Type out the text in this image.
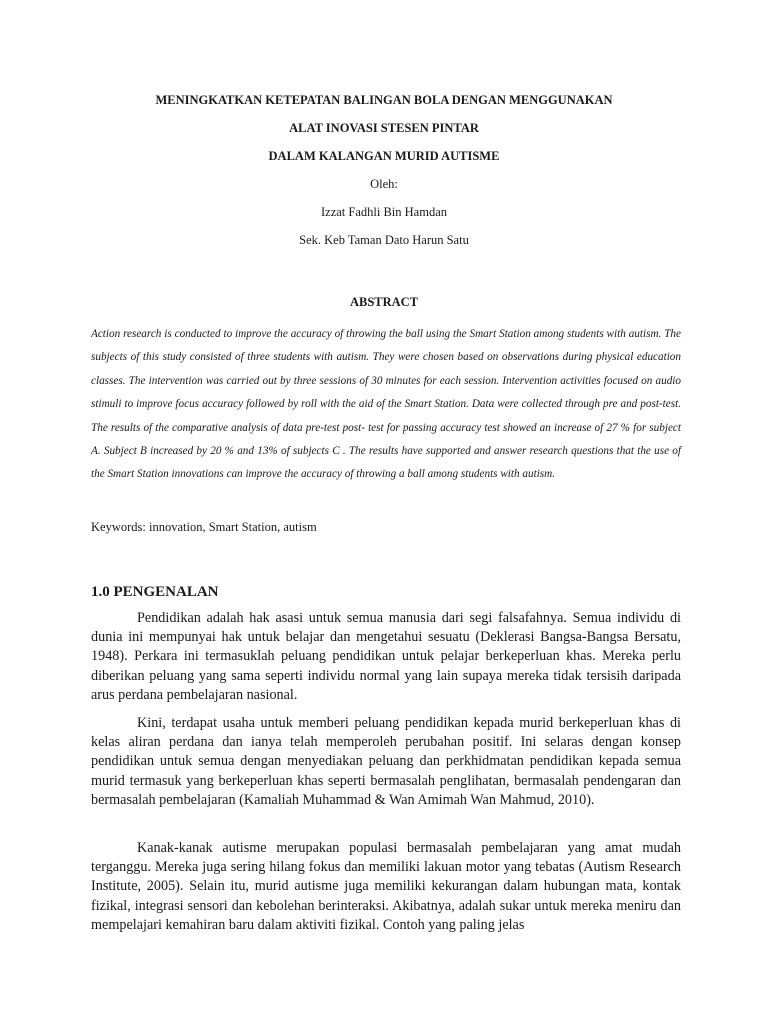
MENINGKATKAN KETEPATAN BALINGAN BOLA DENGAN MENGGUNAKAN

ALAT INOVASI STESEN PINTAR

DALAM KALANGAN MURID AUTISME

Oleh:

Izzat Fadhli Bin Hamdan

Sek. Keb Taman Dato Harun Satu

ABSTRACT

Action research is conducted to improve the accuracy of throwing the ball using the Smart Station among students with autism. The subjects of this study consisted of three students with autism. They were chosen based on observations during physical education classes. The intervention was carried out by three sessions of 30 minutes for each session. Intervention activities focused on audio stimuli to improve focus accuracy followed by roll with the aid of the Smart Station. Data were collected through pre and post-test. The results of the comparative analysis of data pre-test post- test for passing accuracy test showed an increase of 27 % for subject A. Subject B increased by 20 % and 13% of subjects C . The results have supported and answer research questions that the use of the Smart Station innovations can improve the accuracy of throwing a ball among students with autism.

Keywords: innovation, Smart Station, autism

1.0 PENGENALAN

Pendidikan adalah hak asasi untuk semua manusia dari segi falsafahnya. Semua individu di dunia ini mempunyai hak untuk belajar dan mengetahui sesuatu (Deklerasi Bangsa-Bangsa Bersatu, 1948). Perkara ini termasuklah peluang pendidikan untuk pelajar berkeperluan khas. Mereka perlu diberikan peluang yang sama seperti individu normal yang lain supaya mereka tidak tersisih daripada arus perdana pembelajaran nasional.

Kini, terdapat usaha untuk memberi peluang pendidikan kepada murid berkeperluan khas di kelas aliran perdana dan ianya telah memperoleh perubahan positif. Ini selaras dengan konsep pendidikan untuk semua dengan menyediakan peluang dan perkhidmatan pendidikan kepada semua murid termasuk yang berkeperluan khas seperti bermasalah penglihatan, bermasalah pendengaran dan bermasalah pembelajaran (Kamaliah Muhammad & Wan Amimah Wan Mahmud, 2010).

Kanak-kanak autisme merupakan populasi bermasalah pembelajaran yang amat mudah terganggu. Mereka juga sering hilang fokus dan memiliki lakuan motor yang tebatas (Autism Research Institute, 2005). Selain itu, murid autisme juga memiliki kekurangan dalam hubungan mata, kontak fizikal, integrasi sensori dan kebolehan berinteraksi. Akibatnya, adalah sukar untuk mereka meniru dan mempelajari kemahiran baru dalam aktiviti fizikal. Contoh yang paling jelas
